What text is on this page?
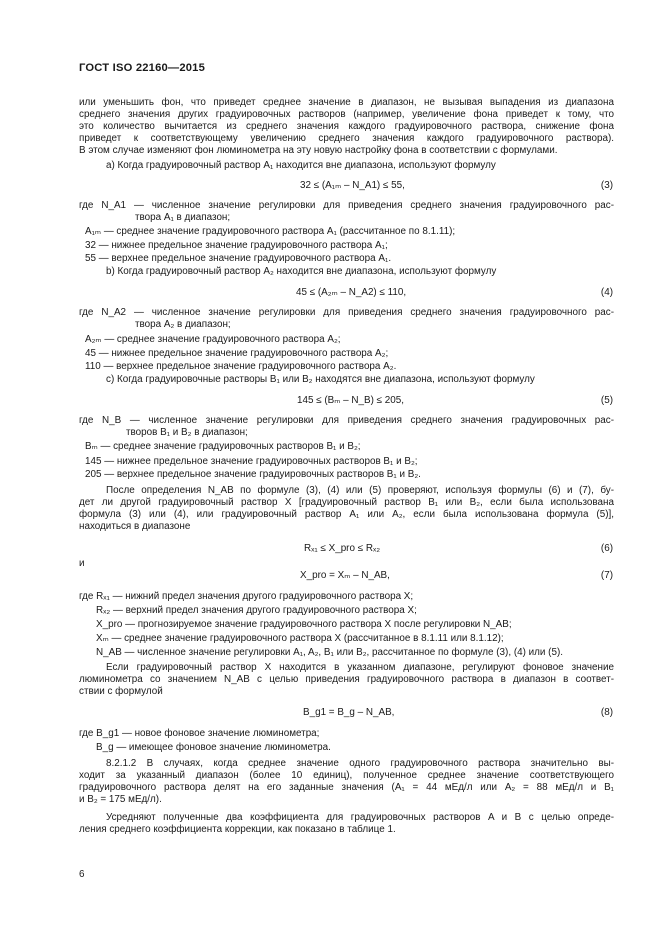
ГОСТ ISO 22160—2015
или уменьшить фон, что приведет среднее значение в диапазон, не вызывая выпадения из диапазона
среднего значения других градуировочных растворов (например, увеличение фона приведет к тому, что
это количество вычитается из среднего значения каждого градуировочного раствора, снижение фона
приведет к соответствующему увеличению среднего значения каждого градуировочного раствора).
В этом случае изменяют фон люминометра на эту новую настройку фона в соответствии с формулами.
а) Когда градуировочный раствор A₁ находится вне диапазона, используют формулу
32 ≤ (A₁ₘ – N_A1) ≤ 55,	(3)
где N_A1 — численное значение регулировки для приведения среднего значения градуировочного рас-
твора A₁ в диапазон;
A₁ₘ — среднее значение градуировочного раствора A₁ (рассчитанное по 8.1.11);
32 — нижнее предельное значение градуировочного раствора A₁;
55 — верхнее предельное значение градуировочного раствора A₁.
b) Когда градуировочный раствор A₂ находится вне диапазона, используют формулу
45 ≤ (A₂ₘ – N_A2) ≤ 110,	(4)
где N_A2 — численное значение регулировки для приведения среднего значения градуировочного рас-
твора A₂ в диапазон;
A₂ₘ — среднее значение градуировочного раствора A₂;
45 — нижнее предельное значение градуировочного раствора A₂;
110 — верхнее предельное значение градуировочного раствора A₂.
с) Когда градуировочные растворы B₁ или B₂ находятся вне диапазона, используют формулу
145 ≤ (Bₘ – N_B) ≤ 205,	(5)
где N_B — численное значение регулировки для приведения среднего значения градуировочных рас-
творов B₁ и B₂ в диапазон;
Bₘ — среднее значение градуировочных растворов B₁ и B₂;
145 — нижнее предельное значение градуировочных растворов B₁ и B₂;
205 — верхнее предельное значение градуировочных растворов B₁ и B₂.
После определения N_AB по формуле (3), (4) или (5) проверяют, используя формулы (6) и (7), бу-
дет ли другой градуировочный раствор X [градуировочный раствор B₁ или B₂, если была использована
формула (3) или (4), или градуировочный раствор A₁ или A₂, если была использована формула (5)],
находиться в диапазоне
Rₓ₁ ≤ X_pro ≤ Rₓ₂	(6)
и
X_pro = Xₘ – N_AB,	(7)
где Rₓ₁ — нижний предел значения другого градуировочного раствора X;
Rₓ₂ — верхний предел значения другого градуировочного раствора X;
X_pro — прогнозируемое значение градуировочного раствора X после регулировки N_AB;
Xₘ — среднее значение градуировочного раствора X (рассчитанное в 8.1.11 или 8.1.12);
N_AB — численное значение регулировки A₁, A₂, B₁ или B₂, рассчитанное по формуле (3), (4) или (5).
Если градуировочный раствор X находится в указанном диапазоне, регулируют фоновое значение
люминометра со значением N_AB с целью приведения градуировочного раствора в диапазон в соответ-
ствии с формулой
B_g1 = B_g – N_AB,	(8)
где B_g1 — новое фоновое значение люминометра;
B_g — имеющее фоновое значение люминометра.
8.2.1.2 В случаях, когда среднее значение одного градуировочного раствора значительно вы-
ходит за указанный диапазон (более 10 единиц), полученное среднее значение соответствующего
градуировочного раствора делят на его заданные значения (A₁ = 44 мЕд/л или A₂ = 88 мЕд/л и B₁
и B₂ = 175 мЕд/л).
Усредняют полученные два коэффициента для градуировочных растворов A и B с целью опреде-
ления среднего коэффициента коррекции, как показано в таблице 1.
6
